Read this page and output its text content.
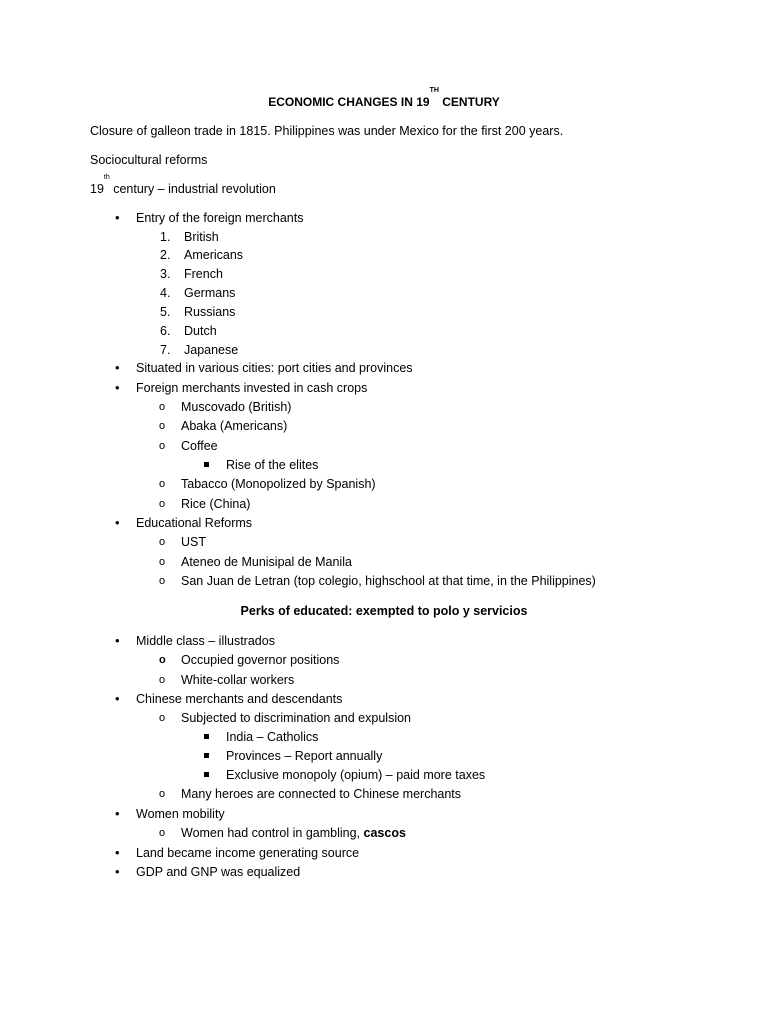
ECONOMIC CHANGES IN 19TH CENTURY
Closure of galleon trade in 1815. Philippines was under Mexico for the first 200 years.
Sociocultural reforms
19th century – industrial revolution
• Entry of the foreign merchants
1. British
2. Americans
3. French
4. Germans
5. Russians
6. Dutch
7. Japanese
• Situated in various cities: port cities and provinces
• Foreign merchants invested in cash crops
o Muscovado (British)
o Abaka (Americans)
o Coffee
Rise of the elites
o Tabacco (Monopolized by Spanish)
o Rice (China)
• Educational Reforms
o UST
o Ateneo de Munisipal de Manila
o San Juan de Letran (top colegio, highschool at that time, in the Philippines)
Perks of educated: exempted to polo y servicios
• Middle class – illustrados
o Occupied governor positions
o White-collar workers
• Chinese merchants and descendants
o Subjected to discrimination and expulsion
India – Catholics
Provinces – Report annually
Exclusive monopoly (opium) – paid more taxes
o Many heroes are connected to Chinese merchants
• Women mobility
o Women had control in gambling, cascos
• Land became income generating source
• GDP and GNP was equalized
